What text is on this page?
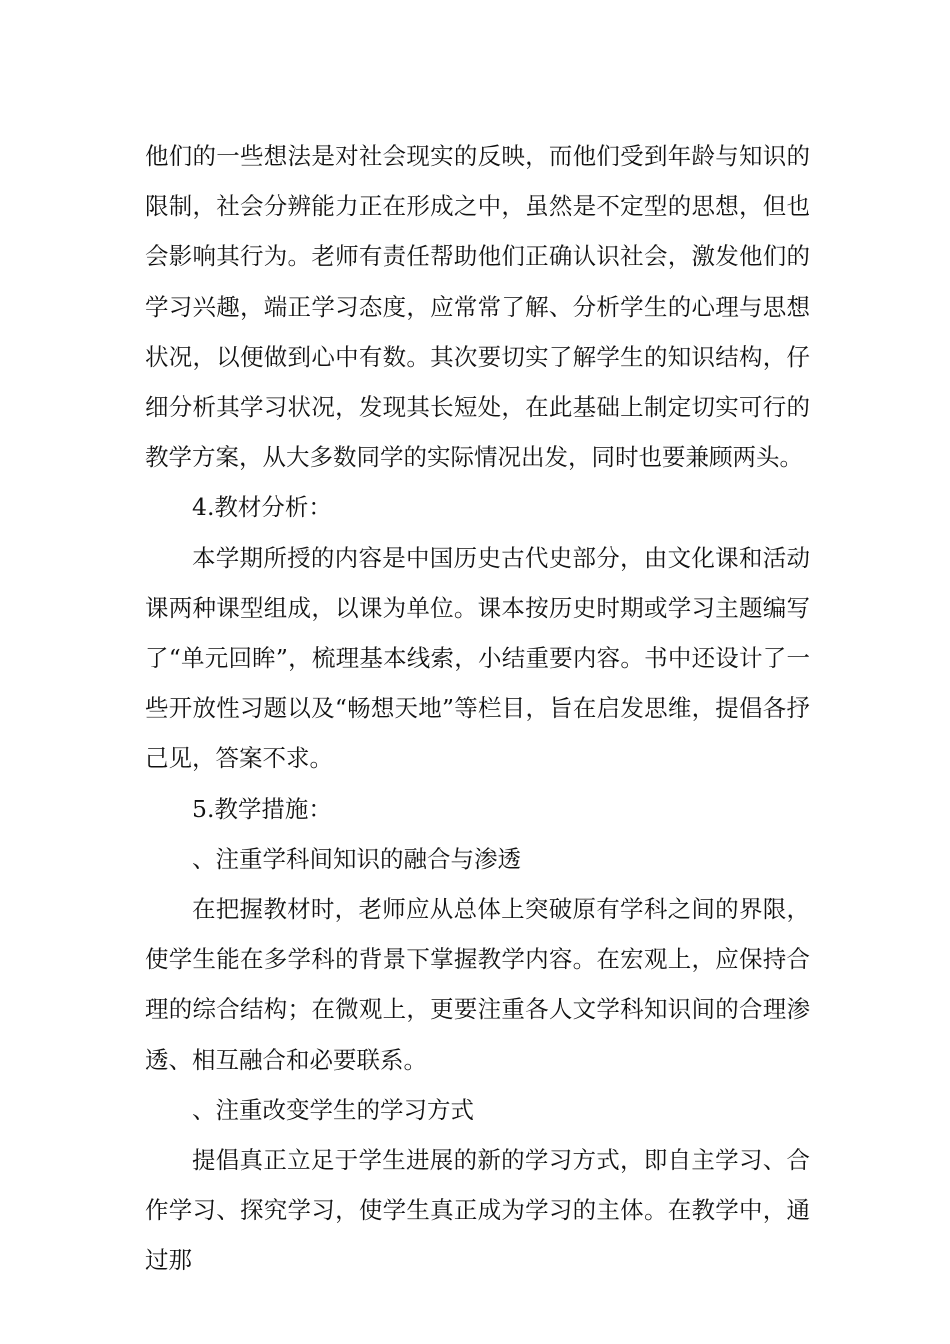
他们的一些想法是对社会现实的反映，而他们受到年龄与知识的限制，社会分辨能力正在形成之中，虽然是不定型的思想，但也会影响其行为。老师有责任帮助他们正确认识社会，激发他们的学习兴趣，端正学习态度，应常常了解、分析学生的心理与思想状况，以便做到心中有数。其次要切实了解学生的知识结构，仔细分析其学习状况，发现其长短处，在此基础上制定切实可行的教学方案，从大多数同学的实际情况出发，同时也要兼顾两头。

4.教材分析：

本学期所授的内容是中国历史古代史部分，由文化课和活动课两种课型组成，以课为单位。课本按历史时期或学习主题编写了“单元回眸”，梳理基本线索，小结重要内容。书中还设计了一些开放性习题以及“畅想天地”等栏目，旨在启发思维，提倡各抒己见，答案不求。

5.教学措施：

、注重学科间知识的融合与渗透

在把握教材时，老师应从总体上突破原有学科之间的界限，使学生能在多学科的背景下掌握教学内容。在宏观上，应保持合理的综合结构；在微观上，更要注重各人文学科知识间的合理渗透、相互融合和必要联系。

、注重改变学生的学习方式

提倡真正立足于学生进展的新的学习方式，即自主学习、合作学习、探究学习，使学生真正成为学习的主体。在教学中，通过那
